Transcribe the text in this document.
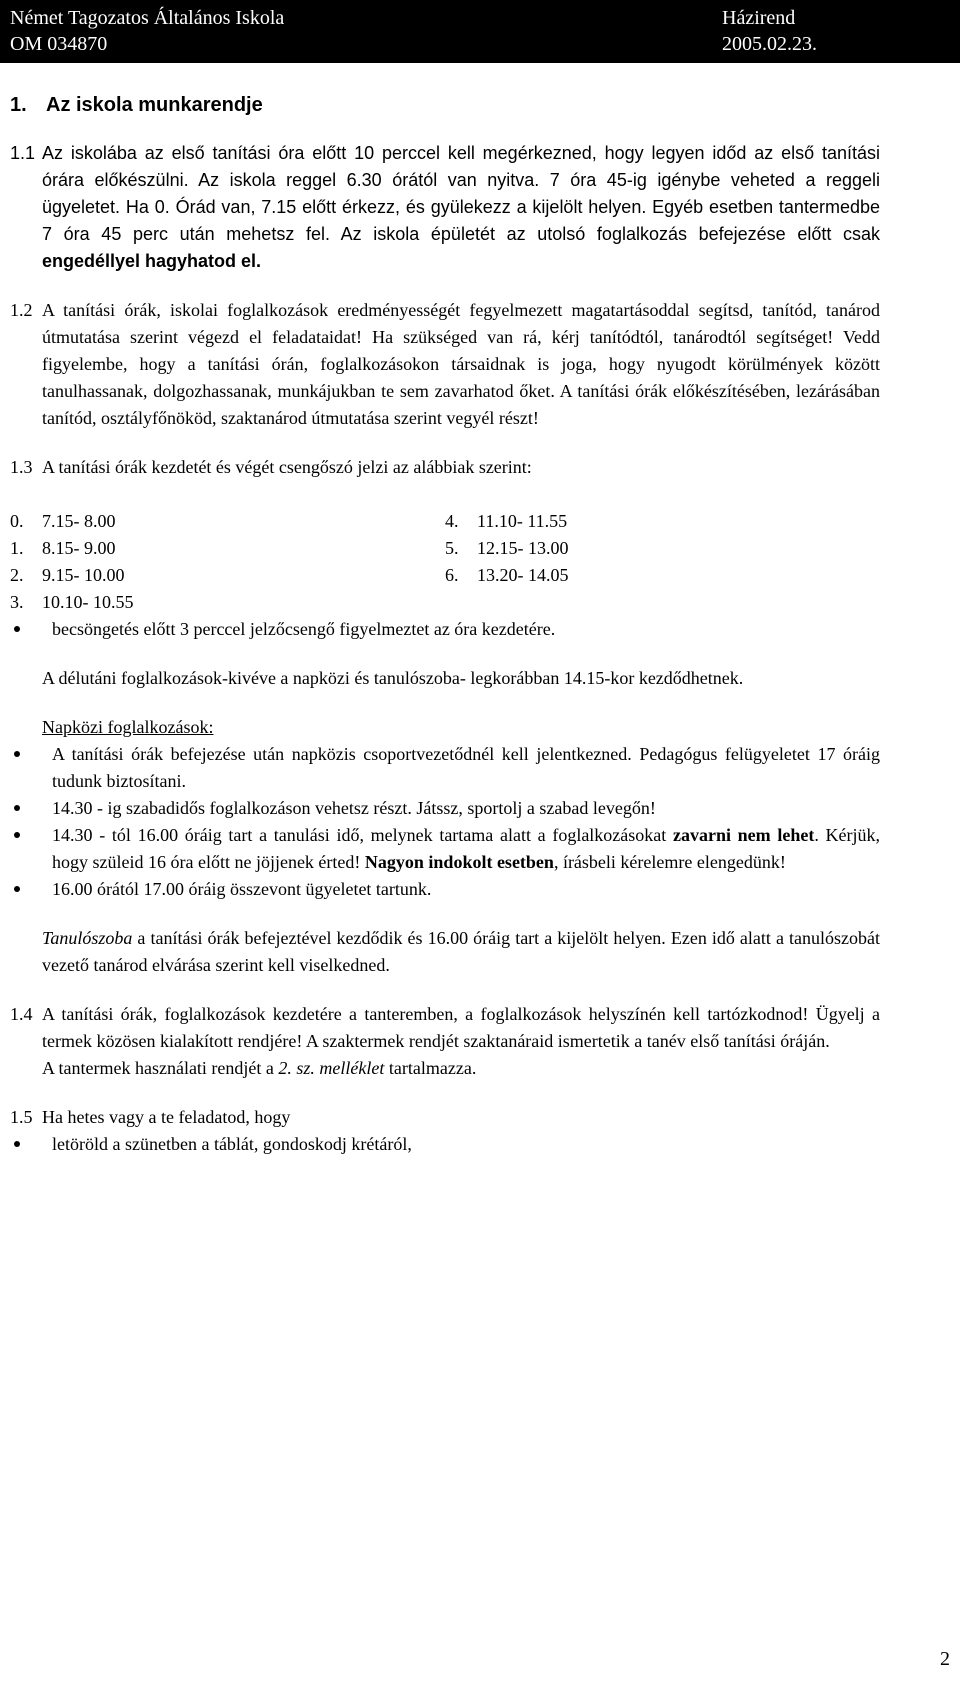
Német Tagozatos Általános Iskola
OM 034870
Házirend
2005.02.23.
1. Az iskola munkarendje
1.1 Az iskolába az első tanítási óra előtt 10 perccel kell megérkezned, hogy legyen időd az első tanítási órára előkészülni. Az iskola reggel 6.30 órától van nyitva. 7 óra 45-ig igénybe veheted a reggeli ügyeletet. Ha 0. Órád van, 7.15 előtt érkezz, és gyülekezz a kijelölt helyen. Egyéb esetben tantermedbe 7 óra 45 perc után mehetsz fel. Az iskola épületét az utolsó foglalkozás befejezése előtt csak engedéllyel hagyhatod el.
1.2 A tanítási órák, iskolai foglalkozások eredményességét fegyelmezett magatartásoddal segítsd, tanítód, tanárod útmutatása szerint végezd el feladataidat! Ha szükséged van rá, kérj tanítódtól, tanárodtól segítséget! Vedd figyelembe, hogy a tanítási órán, foglalkozásokon társaidnak is joga, hogy nyugodt körülmények között tanulhassanak, dolgozhassanak, munkájukban te sem zavarhatod őket. A tanítási órák előkészítésében, lezárásában tanítód, osztályfőnököd, szaktanárod útmutatása szerint vegyél részt!
1.3 A tanítási órák kezdetét és végét csengőszó jelzi az alábbiak szerint:
0.	7.15- 8.00
1.	8.15- 9.00
2.	9.15- 10.00
3.	10.10- 10.55
4.	11.10- 11.55
5.	12.15- 13.00
6.	13.20- 14.05
becsöngetés előtt 3 perccel jelzőcsengő figyelmeztet az óra kezdetére.
A délutáni foglalkozások-kivéve a napközi és tanulószoba- legkorábban 14.15-kor kezdődhetnek.
Napközi foglalkozások:
A tanítási órák befejezése után napközis csoportvezetődnél kell jelentkezned. Pedagógus felügyeletet 17 óráig tudunk biztosítani.
14.30 - ig szabadidős foglalkozáson vehetsz részt. Játssz, sportolj a szabad levegőn!
14.30 - tól 16.00 óráig tart a tanulási idő, melynek tartama alatt a foglalkozásokat zavarni nem lehet. Kérjük, hogy szüleid 16 óra előtt ne jöjjenek érted! Nagyon indokolt esetben, írásbeli kérelemre elengedünk!
16.00 órától 17.00 óráig összevont ügyeletet tartunk.
Tanulószoba a tanítási órák befejeztével kezdődik és 16.00 óráig tart a kijelölt helyen. Ezen idő alatt a tanulószobát vezető tanárod elvárása szerint kell viselkedned.
1.4 A tanítási órák, foglalkozások kezdetére a tanteremben, a foglalkozások helyszínén kell tartózkodnod! Ügyelj a termek közösen kialakított rendjére! A szaktermek rendjét szaktanáraid ismertetik a tanév első tanítási óráján.
A tantermek használati rendjét a 2. sz. melléklet tartalmazza.
1.5 Ha hetes vagy a te feladatod, hogy
letöröld a szünetben a táblát, gondoskodj krétáról,
2
